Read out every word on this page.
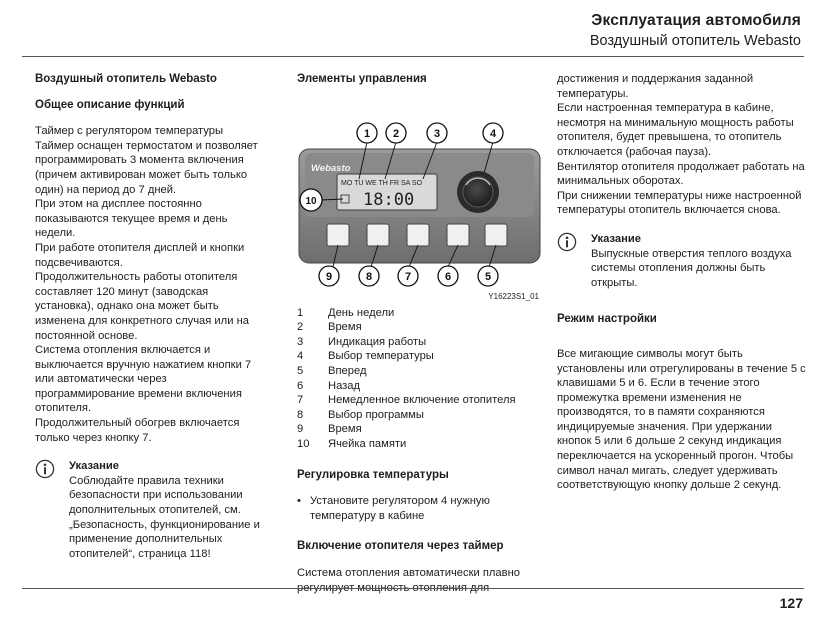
Эксплуатация автомобиля
Воздушный отопитель Webasto

Воздушный отопитель Webasto

Общее описание функций

Таймер с регулятором температуры

Таймер оснащен термостатом и позволяет программировать 3 момента включения (причем активирован может быть только один) на период до 7 дней.

При этом на дисплее постоянно показываются текущее время и день недели.

При работе отопителя дисплей и кнопки подсвечиваются.

Продолжительность работы отопителя составляет 120 минут (заводская установка), однако она может быть изменена для конкретного случая или на постоянной основе.

Система отопления включается и выключается вручную нажатием кнопки 7 или автоматически через программирование времени включения отопителя.

Продолжительный обогрев включается только через кнопку 7.

Указание

Соблюдайте правила техники безопасности при использовании дополнительных отопителей, см. „Безопасность, функционирование и применение дополнительных отопителей“, страница 118!

Элементы управления

Webasto
MO TU WE TH FR SA SO
18:00
1 2	3	4
10
9	8	7	6	5
Y16223S1_01
1	День недели
2	Время
3	Индикация работы
4	Выбор температуры
5	Вперед
6	Назад
7	Немедленное включение отопителя
8	Выбор программы
9	Время
10	Ячейка памяти

Регулировка температуры

• Установите регулятором 4 нужную температуру в кабине

Включение отопителя через таймер

Система отопления автоматически плавно регулирует мощность отопления для

достижения и поддержания заданной температуры.

Если настроенная температура в кабине, несмотря на минимальную мощность работы отопителя, будет превышена, то отопитель отключается (рабочая пауза).

Вентилятор отопителя продолжает работать на минимальных оборотах.

При снижении температуры ниже настроенной температуры отопитель включается снова.

Указание

Выпускные отверстия теплого воздуха системы отопления должны быть открыты.

Режим настройки

Все мигающие символы могут быть установлены или отрегулированы в течение 5 с клавишами 5 и 6. Если в течение этого промежутка времени изменения не производятся, то в памяти сохраняются индицируемые значения. При удержании кнопок 5 или 6 дольше 2 секунд индикация переключается на ускоренный прогон. Чтобы символ начал мигать, следует удерживать соответствующую кнопку дольше 2 секунд.

127
